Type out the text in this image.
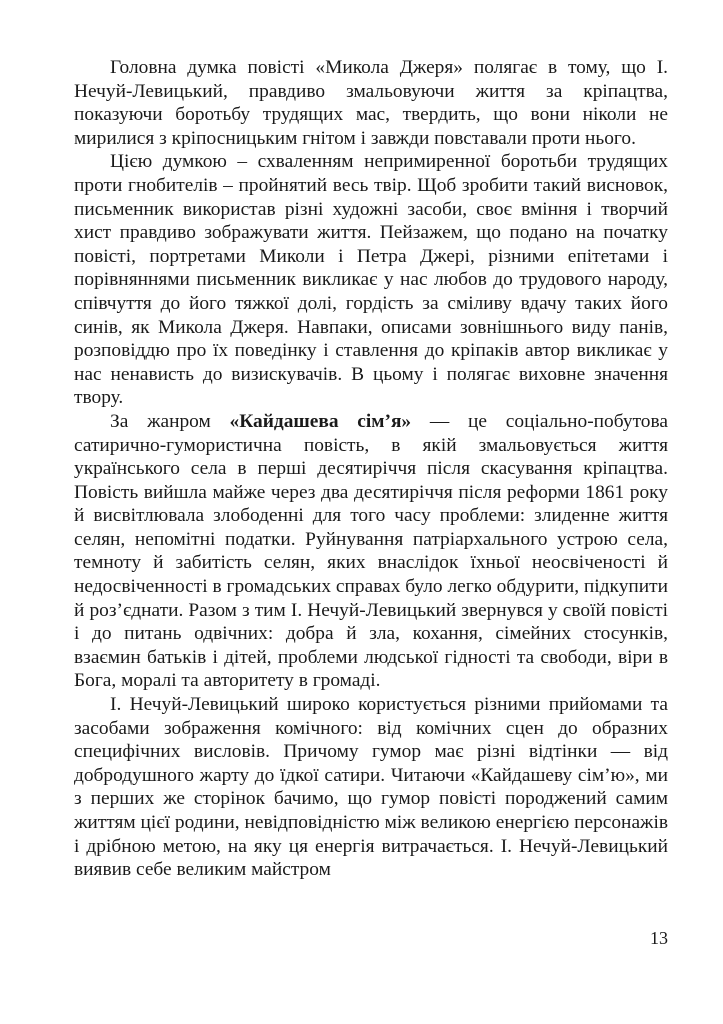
Головна думка повісті «Микола Джеря» полягає в тому, що І. Нечуй-Левицький, правдиво змальовуючи життя за кріпацтва, показуючи боротьбу трудящих мас, твердить, що вони ніколи не мирилися з кріпосницьким гнітом і завжди повставали проти нього.

Цією думкою – схваленням непримиренної боротьби трудящих проти гнобителів – пройнятий весь твір. Щоб зробити такий висновок, письменник використав різні художні засоби, своє вміння і творчий хист правдиво зображувати життя. Пейзажем, що подано на початку повісті, портретами Миколи і Петра Джері, різними епітетами і порівняннями письменник викликає у нас любов до трудового народу, співчуття до його тяжкої долі, гордість за сміливу вдачу таких його синів, як Микола Джеря. Навпаки, описами зовнішнього виду панів, розповіддю про їх поведінку і ставлення до кріпаків автор викликає у нас ненависть до визискувачів. В цьому і полягає виховне значення твору.

За жанром «Кайдашева сім’я» — це соціально-побутова сатирично-гумористична повість, в якій змальовується життя українського села в перші десятиріччя після скасування кріпацтва. Повість вийшла майже через два десятиріччя після реформи 1861 року й висвітлювала злободенні для того часу проблеми: злиденне життя селян, непомітні податки. Руйнування патріархального устрою села, темноту й забитість селян, яких внаслідок їхньої неосвіченості й недосвіченності в громадських справах було легко обдурити, підкупити й роз’єднати. Разом з тим І. Нечуй-Левицький звернувся у своїй повісті і до питань одвічних: добра й зла, кохання, сімейних стосунків, взаємин батьків і дітей, проблеми людської гідності та свободи, віри в Бога, моралі та авторитету в громаді.

І. Нечуй-Левицький широко користується різними прийомами та засобами зображення комічного: від комічних сцен до образних специфічних висловів. Причому гумор має різні відтінки — від добродушного жарту до їдкої сатири. Читаючи «Кайдашеву сім’ю», ми з перших же сторінок бачимо, що гумор повісті породжений самим життям цієї родини, невідповідністю між великою енергією персонажів і дрібною метою, на яку ця енергія витрачається. І. Нечуй-Левицький виявив себе великим майстром

13
